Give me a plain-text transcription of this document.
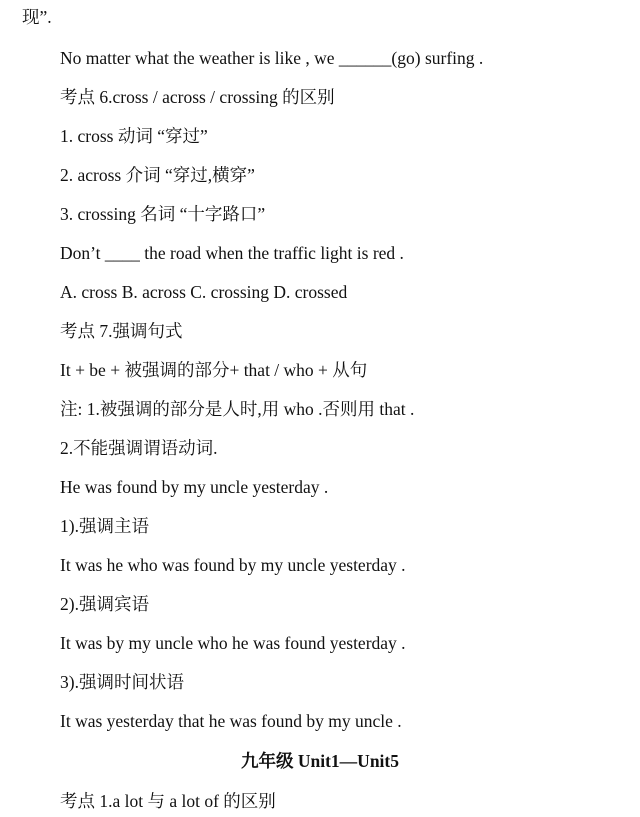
现”.
No matter what the weather is like , we ______(go) surfing .
考点 6.cross / across / crossing 的区别
1. cross 动词 “穿过”
2. across 介词 “穿过,横穿”
3. crossing 名词 “十字路口”
Don’t ____ the road when the traffic light is red .
A. cross B. across C. crossing D. crossed
考点 7.强调句式
It + be + 被强调的部分+ that / who + 从句
注: 1.被强调的部分是人时,用 who .否则用 that .
2.不能强调谓语动词.
He was found by my uncle yesterday .
1).强调主语
It was he who was found by my uncle yesterday .
2).强调宾语
It was by my uncle who he was found yesterday .
3).强调时间状语
It was yesterday that he was found by my uncle .
九年级 Unit1—Unit5
考点 1.a lot 与 a lot of 的区别
